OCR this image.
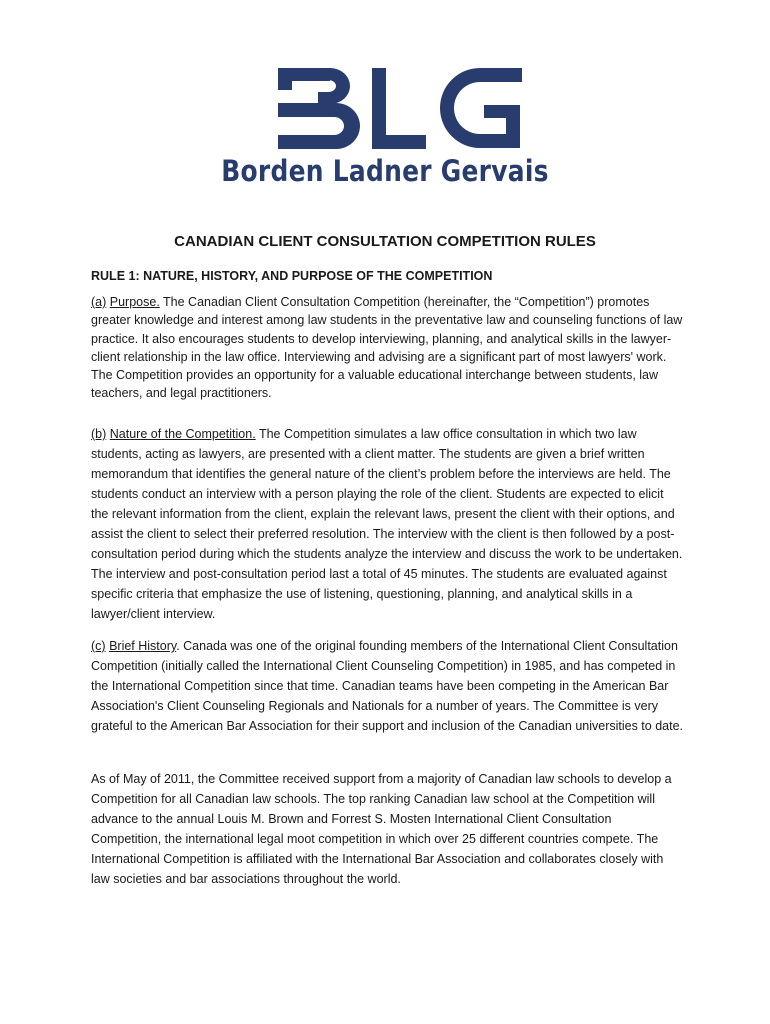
Borden Ladner Gervais
CANADIAN CLIENT CONSULTATION COMPETITION RULES
RULE 1: NATURE, HISTORY, AND PURPOSE OF THE COMPETITION

(a) Purpose. The Canadian Client Consultation Competition (hereinafter, the “Competition”) promotes greater knowledge and interest among law students in the preventative law and counseling functions of law practice. It also encourages students to develop interviewing, planning, and analytical skills in the lawyer-client relationship in the law office. Interviewing and advising are a significant part of most lawyers' work. The Competition provides an opportunity for a valuable educational interchange between students, law teachers, and legal practitioners.

(b) Nature of the Competition. The Competition simulates a law office consultation in which two law students, acting as lawyers, are presented with a client matter. The students are given a brief written memorandum that identifies the general nature of the client’s problem before the interviews are held. The students conduct an interview with a person playing the role of the client. Students are expected to elicit the relevant information from the client, explain the relevant laws, present the client with their options, and assist the client to select their preferred resolution. The interview with the client is then followed by a post-consultation period during which the students analyze the interview and discuss the work to be undertaken. The interview and post-consultation period last a total of 45 minutes. The students are evaluated against specific criteria that emphasize the use of listening, questioning, planning, and analytical skills in a lawyer/client interview.

(c) Brief History. Canada was one of the original founding members of the International Client Consultation Competition (initially called the International Client Counseling Competition) in 1985, and has competed in the International Competition since that time. Canadian teams have been competing in the American Bar Association's Client Counseling Regionals and Nationals for a number of years. The Committee is very grateful to the American Bar Association for their support and inclusion of the Canadian universities to date.

As of May of 2011, the Committee received support from a majority of Canadian law schools to develop a Competition for all Canadian law schools. The top ranking Canadian law school at the Competition will advance to the annual Louis M. Brown and Forrest S. Mosten International Client Consultation Competition, the international legal moot competition in which over 25 different countries compete. The International Competition is affiliated with the International Bar Association and collaborates closely with law societies and bar associations throughout the world.
